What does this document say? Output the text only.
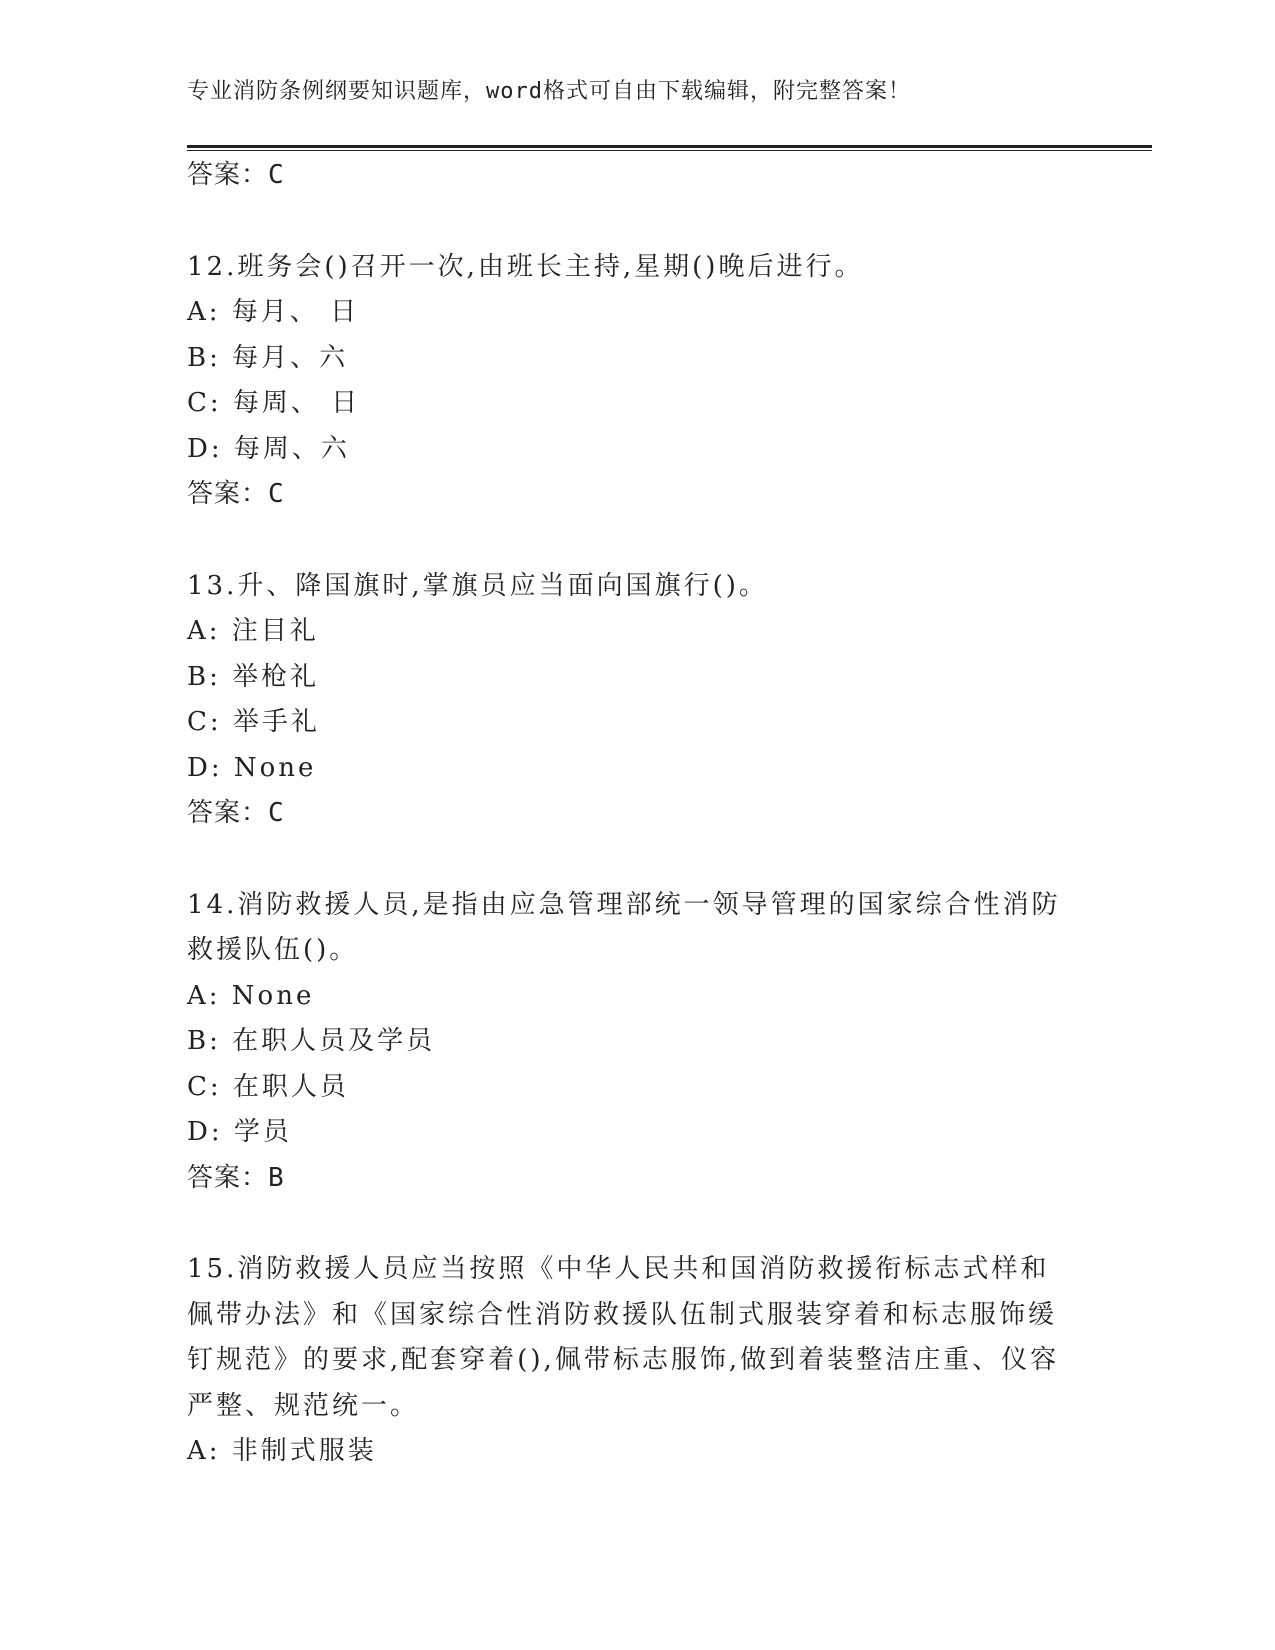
专业消防条例纲要知识题库，word格式可自由下载编辑，附完整答案！
答案：C
12.班务会()召开一次,由班长主持,星期()晚后进行。
A: 每月、 日
B: 每月、六
C: 每周、 日
D: 每周、六
答案：C
13.升、降国旗时,掌旗员应当面向国旗行()。
A: 注目礼
B: 举枪礼
C: 举手礼
D: None
答案：C
14.消防救援人员,是指由应急管理部统一领导管理的国家综合性消防
救援队伍()。
A: None
B: 在职人员及学员
C: 在职人员
D: 学员
答案：B
15.消防救援人员应当按照《中华人民共和国消防救援衔标志式样和
佩带办法》和《国家综合性消防救援队伍制式服装穿着和标志服饰缓
钉规范》的要求,配套穿着(),佩带标志服饰,做到着装整洁庄重、仪容
严整、规范统一。
A: 非制式服装
